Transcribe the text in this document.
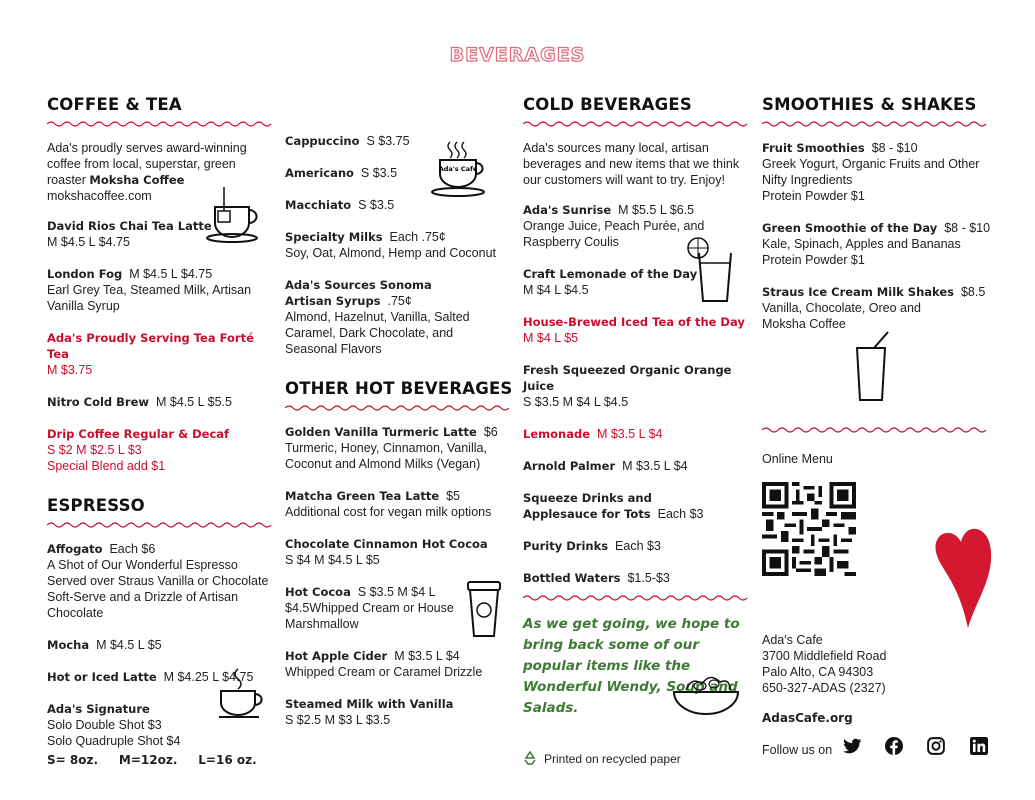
BEVERAGES
COFFEE & TEA
Ada's proudly serves award-winning coffee from local, superstar, green roaster Moksha Coffee mokshacoffee.com
David Rios Chai Tea Latte
M $4.5 L $4.75
London Fog M $4.5 L $4.75
Earl Grey Tea, Steamed Milk, Artisan Vanilla Syrup
Ada's Proudly Serving Tea Forté Tea
M $3.75
Nitro Cold Brew M $4.5 L $5.5
Drip Coffee Regular & Decaf
S $2 M $2.5 L $3
Special Blend add $1
ESPRESSO
Affogato Each $6
A Shot of Our Wonderful Espresso Served over Straus Vanilla or Chocolate Soft-Serve and a Drizzle of Artisan Chocolate
Mocha M $4.5 L $5
Hot or Iced Latte M $4.25 L $4.75
Ada's Signature
Solo Double Shot $3
Solo Quadruple Shot $4
S= 8oz.     M=12oz.     L=16 oz.
Cappuccino S $3.75
Americano S $3.5
Macchiato S $3.5
Specialty Milks Each .75¢
Soy, Oat, Almond, Hemp and Coconut
Ada's Sources Sonoma
Artisan Syrups .75¢
Almond, Hazelnut, Vanilla, Salted Caramel, Dark Chocolate, and Seasonal Flavors
OTHER HOT BEVERAGES
Golden Vanilla Turmeric Latte $6
Turmeric, Honey, Cinnamon, Vanilla, Coconut and Almond Milks (Vegan)
Matcha Green Tea Latte $5
Additional cost for vegan milk options
Chocolate Cinnamon Hot Cocoa
S $4 M $4.5 L $5
Hot Cocoa S $3.5 M $4 L
$4.5Whipped Cream or House Marshmallow
Hot Apple Cider M $3.5 L $4
Whipped Cream or Caramel Drizzle
Steamed Milk with Vanilla
S $2.5 M $3 L $3.5
Ada's Cafe
COLD BEVERAGES
Ada's sources many local, artisan beverages and new items that we think our customers will want to try. Enjoy!
Ada's Sunrise M $5.5 L $6.5
Orange Juice, Peach Purée, and Raspberry Coulis
Craft Lemonade of the Day
M $4 L $4.5
House-Brewed Iced Tea of the Day
M $4 L $5
Fresh Squeezed Organic Orange Juice
S $3.5 M $4 L $4.5
Lemonade M $3.5 L $4
Arnold Palmer M $3.5 L $4
Squeeze Drinks and
Applesauce for Tots Each $3
Purity Drinks Each $3
Bottled Waters $1.5-$3
As we get going, we hope to bring back some of our popular items like the Wonderful Wendy, Soup and Salads.
Printed on recycled paper
SMOOTHIES & SHAKES
Fruit Smoothies $8 - $10
Greek Yogurt, Organic Fruits and Other Nifty Ingredients
Protein Powder $1
Green Smoothie of the Day $8 - $10
Kale, Spinach, Apples and Bananas
Protein Powder $1
Straus Ice Cream Milk Shakes $8.5
Vanilla, Chocolate, Oreo and Moksha Coffee
Online Menu
Ada's Cafe
3700 Middlefield Road
Palo Alto, CA 94303
650-327-ADAS (2327)
AdasCafe.org
Follow us on
